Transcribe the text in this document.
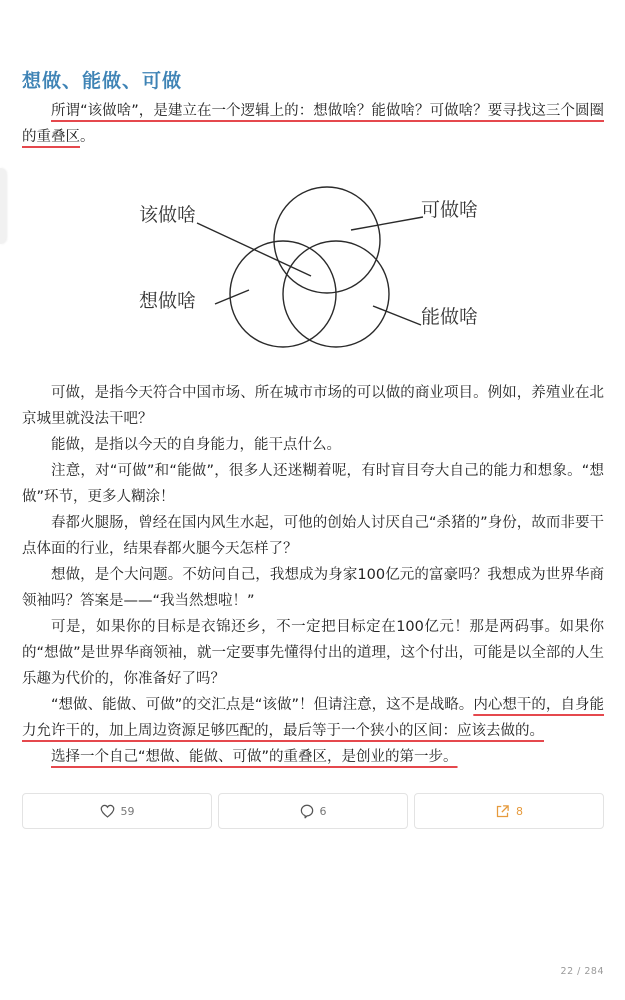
想做、能做、可做

所谓“该做啥”，是建立在一个逻辑上的：想做啥？能做啥？可做啥？要寻找这三个圆圈的重叠区。

该做啥	可做啥
想做啥
能做啥

可做，是指今天符合中国市场、所在城市市场的可以做的商业项目。例如，养殖业在北京城里就没法干吧？

能做，是指以今天的自身能力，能干点什么。

注意，对“可做”和“能做”，很多人还迷糊着呢，有时盲目夸大自己的能力和想象。“想做”环节，更多人糊涂！

春都火腿肠，曾经在国内风生水起，可他的创始人讨厌自己“杀猪的”身份，故而非要干点体面的行业，结果春都火腿今天怎样了？

想做，是个大问题。不妨问自己，我想成为身家100亿元的富豪吗？我想成为世界华商领袖吗？答案是——“我当然想啦！”

可是，如果你的目标是衣锦还乡，不一定把目标定在100亿元！那是两码事。如果你的“想做”是世界华商领袖，就一定要事先懂得付出的道理，这个付出，可能是以全部的人生乐趣为代价的，你准备好了吗？

“想做、能做、可做”的交汇点是“该做”！但请注意，这不是战略。内心想干的，自身能力允许干的，加上周边资源足够匹配的，最后等于一个狭小的区间：应该去做的。

选择一个自己“想做、能做、可做”的重叠区，是创业的第一步。

59	6	8
22 / 284
